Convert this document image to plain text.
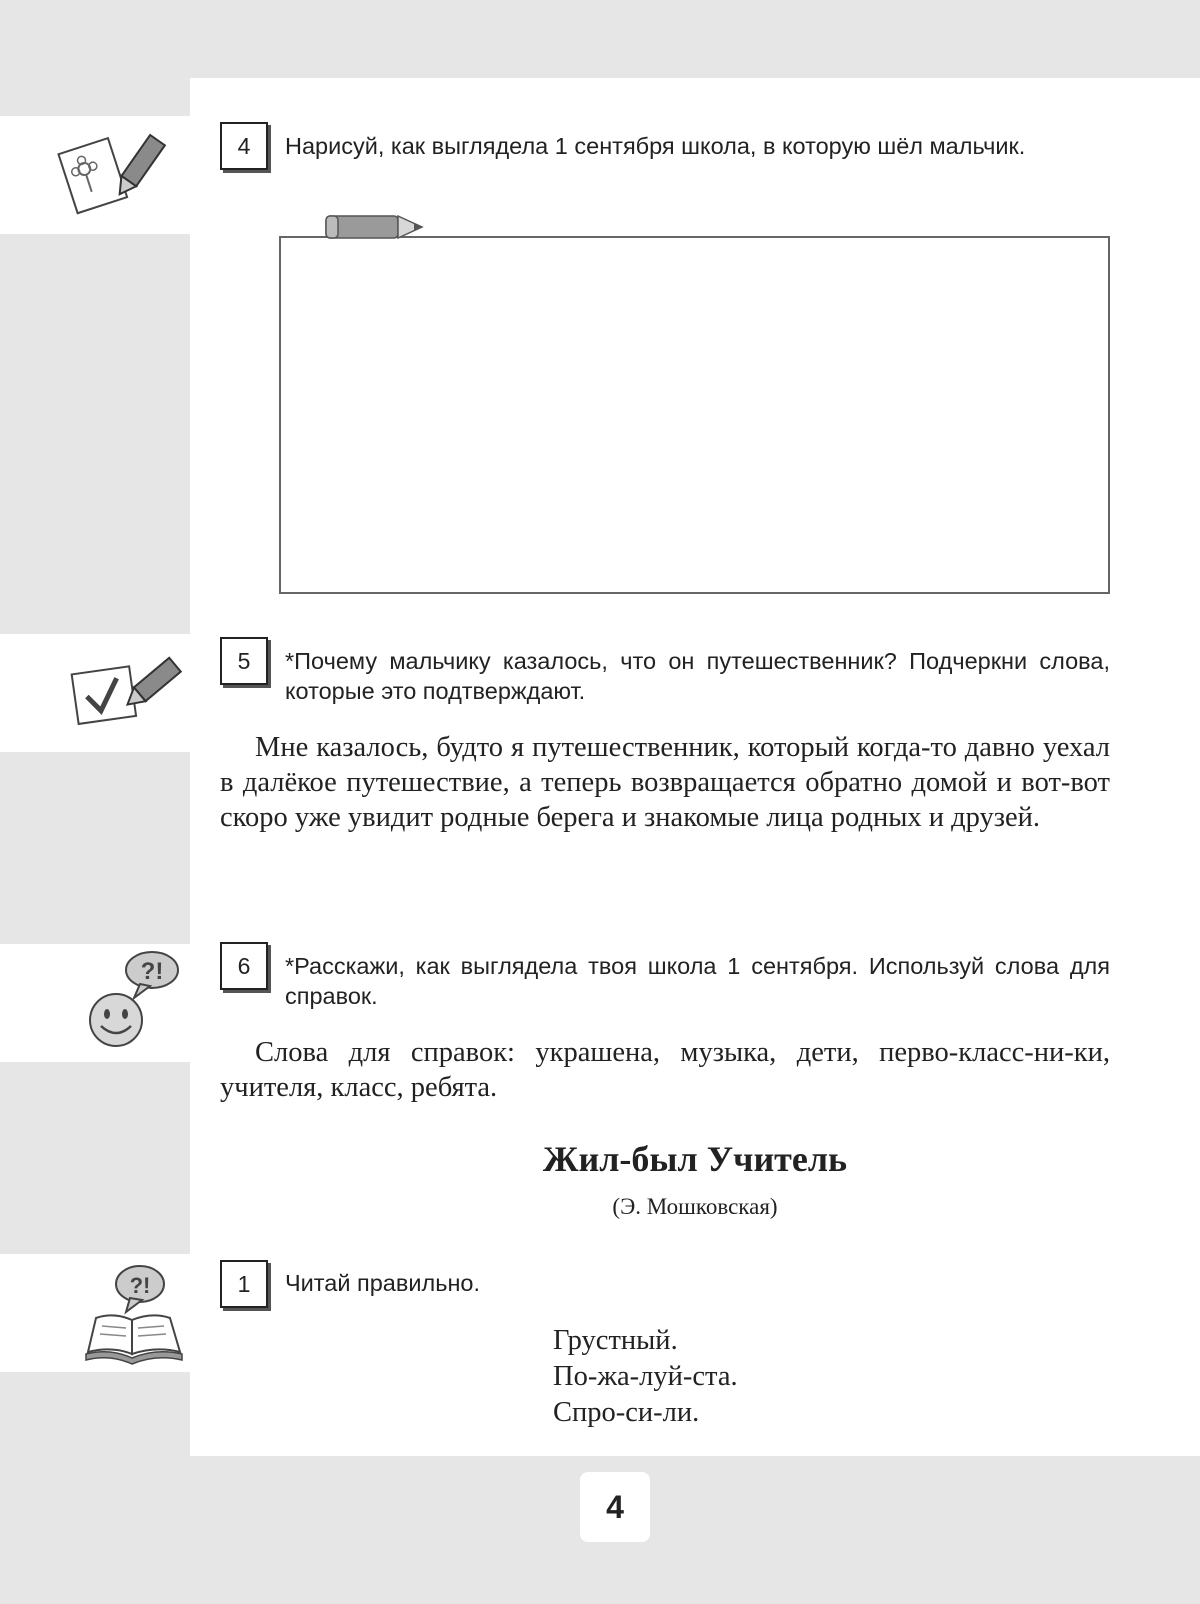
?!
?!
4	Нарисуй, как выглядела 1 сентября школа, в которую шёл мальчик.
5	*Почему мальчику казалось, что он путешественник? Подчеркни слова, которые это подтверждают.
Мне казалось, будто я путешественник, который когда-то давно уехал в далёкое путешествие, а теперь возвращается обратно домой и вот-вот скоро уже увидит родные берега и знакомые лица родных и друзей.
6	*Расскажи, как выглядела твоя школа 1 сентября. Используй слова для справок.
Слова для справок: украшена, музыка, дети, перво-класс-ни-ки, учителя, класс, ребята.
Жил-был Учитель
(Э. Мошковская)
1	Читай правильно.
Грустный.
По-жа-луй-ста.
Спро-си-ли.
4
